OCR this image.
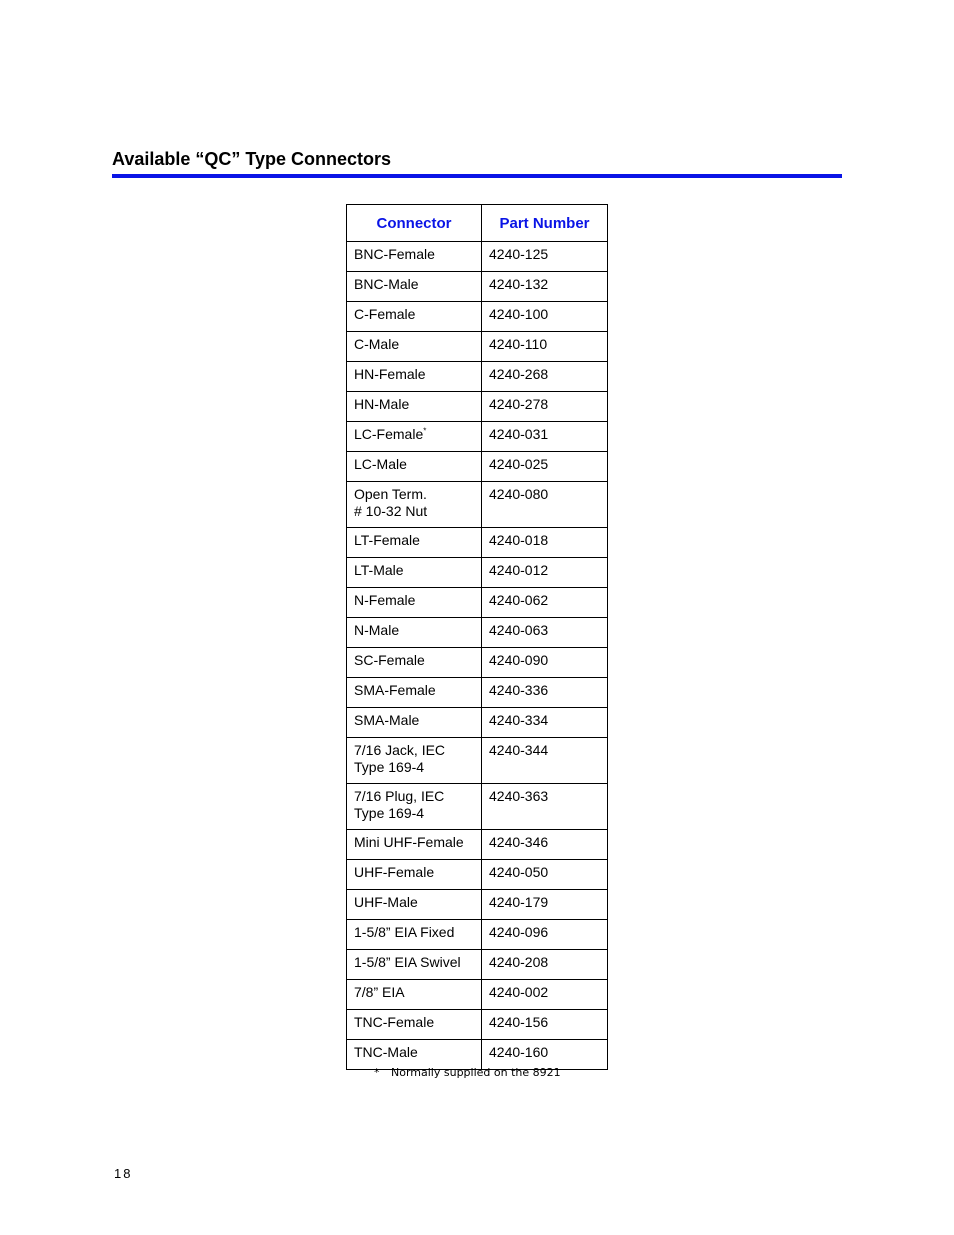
Available “QC” Type Connectors
Connector	Part Number
BNC-Female	4240-125
BNC-Male	4240-132
C-Female	4240-100
C-Male	4240-110
HN-Female	4240-268
HN-Male	4240-278
LC-Female*	4240-031
LC-Male	4240-025
Open Term.
# 10-32 Nut	4240-080
LT-Female	4240-018
LT-Male	4240-012
N-Female	4240-062
N-Male	4240-063
SC-Female	4240-090
SMA-Female	4240-336
SMA-Male	4240-334
7/16 Jack, IEC
Type 169-4	4240-344
7/16 Plug, IEC
Type 169-4	4240-363
Mini UHF-Female	4240-346
UHF-Female	4240-050
UHF-Male	4240-179
1-5/8” EIA Fixed	4240-096
1-5/8” EIA Swivel	4240-208
7/8” EIA	4240-002
TNC-Female	4240-156
TNC-Male	4240-160
* Normally supplied on the 8921
18
